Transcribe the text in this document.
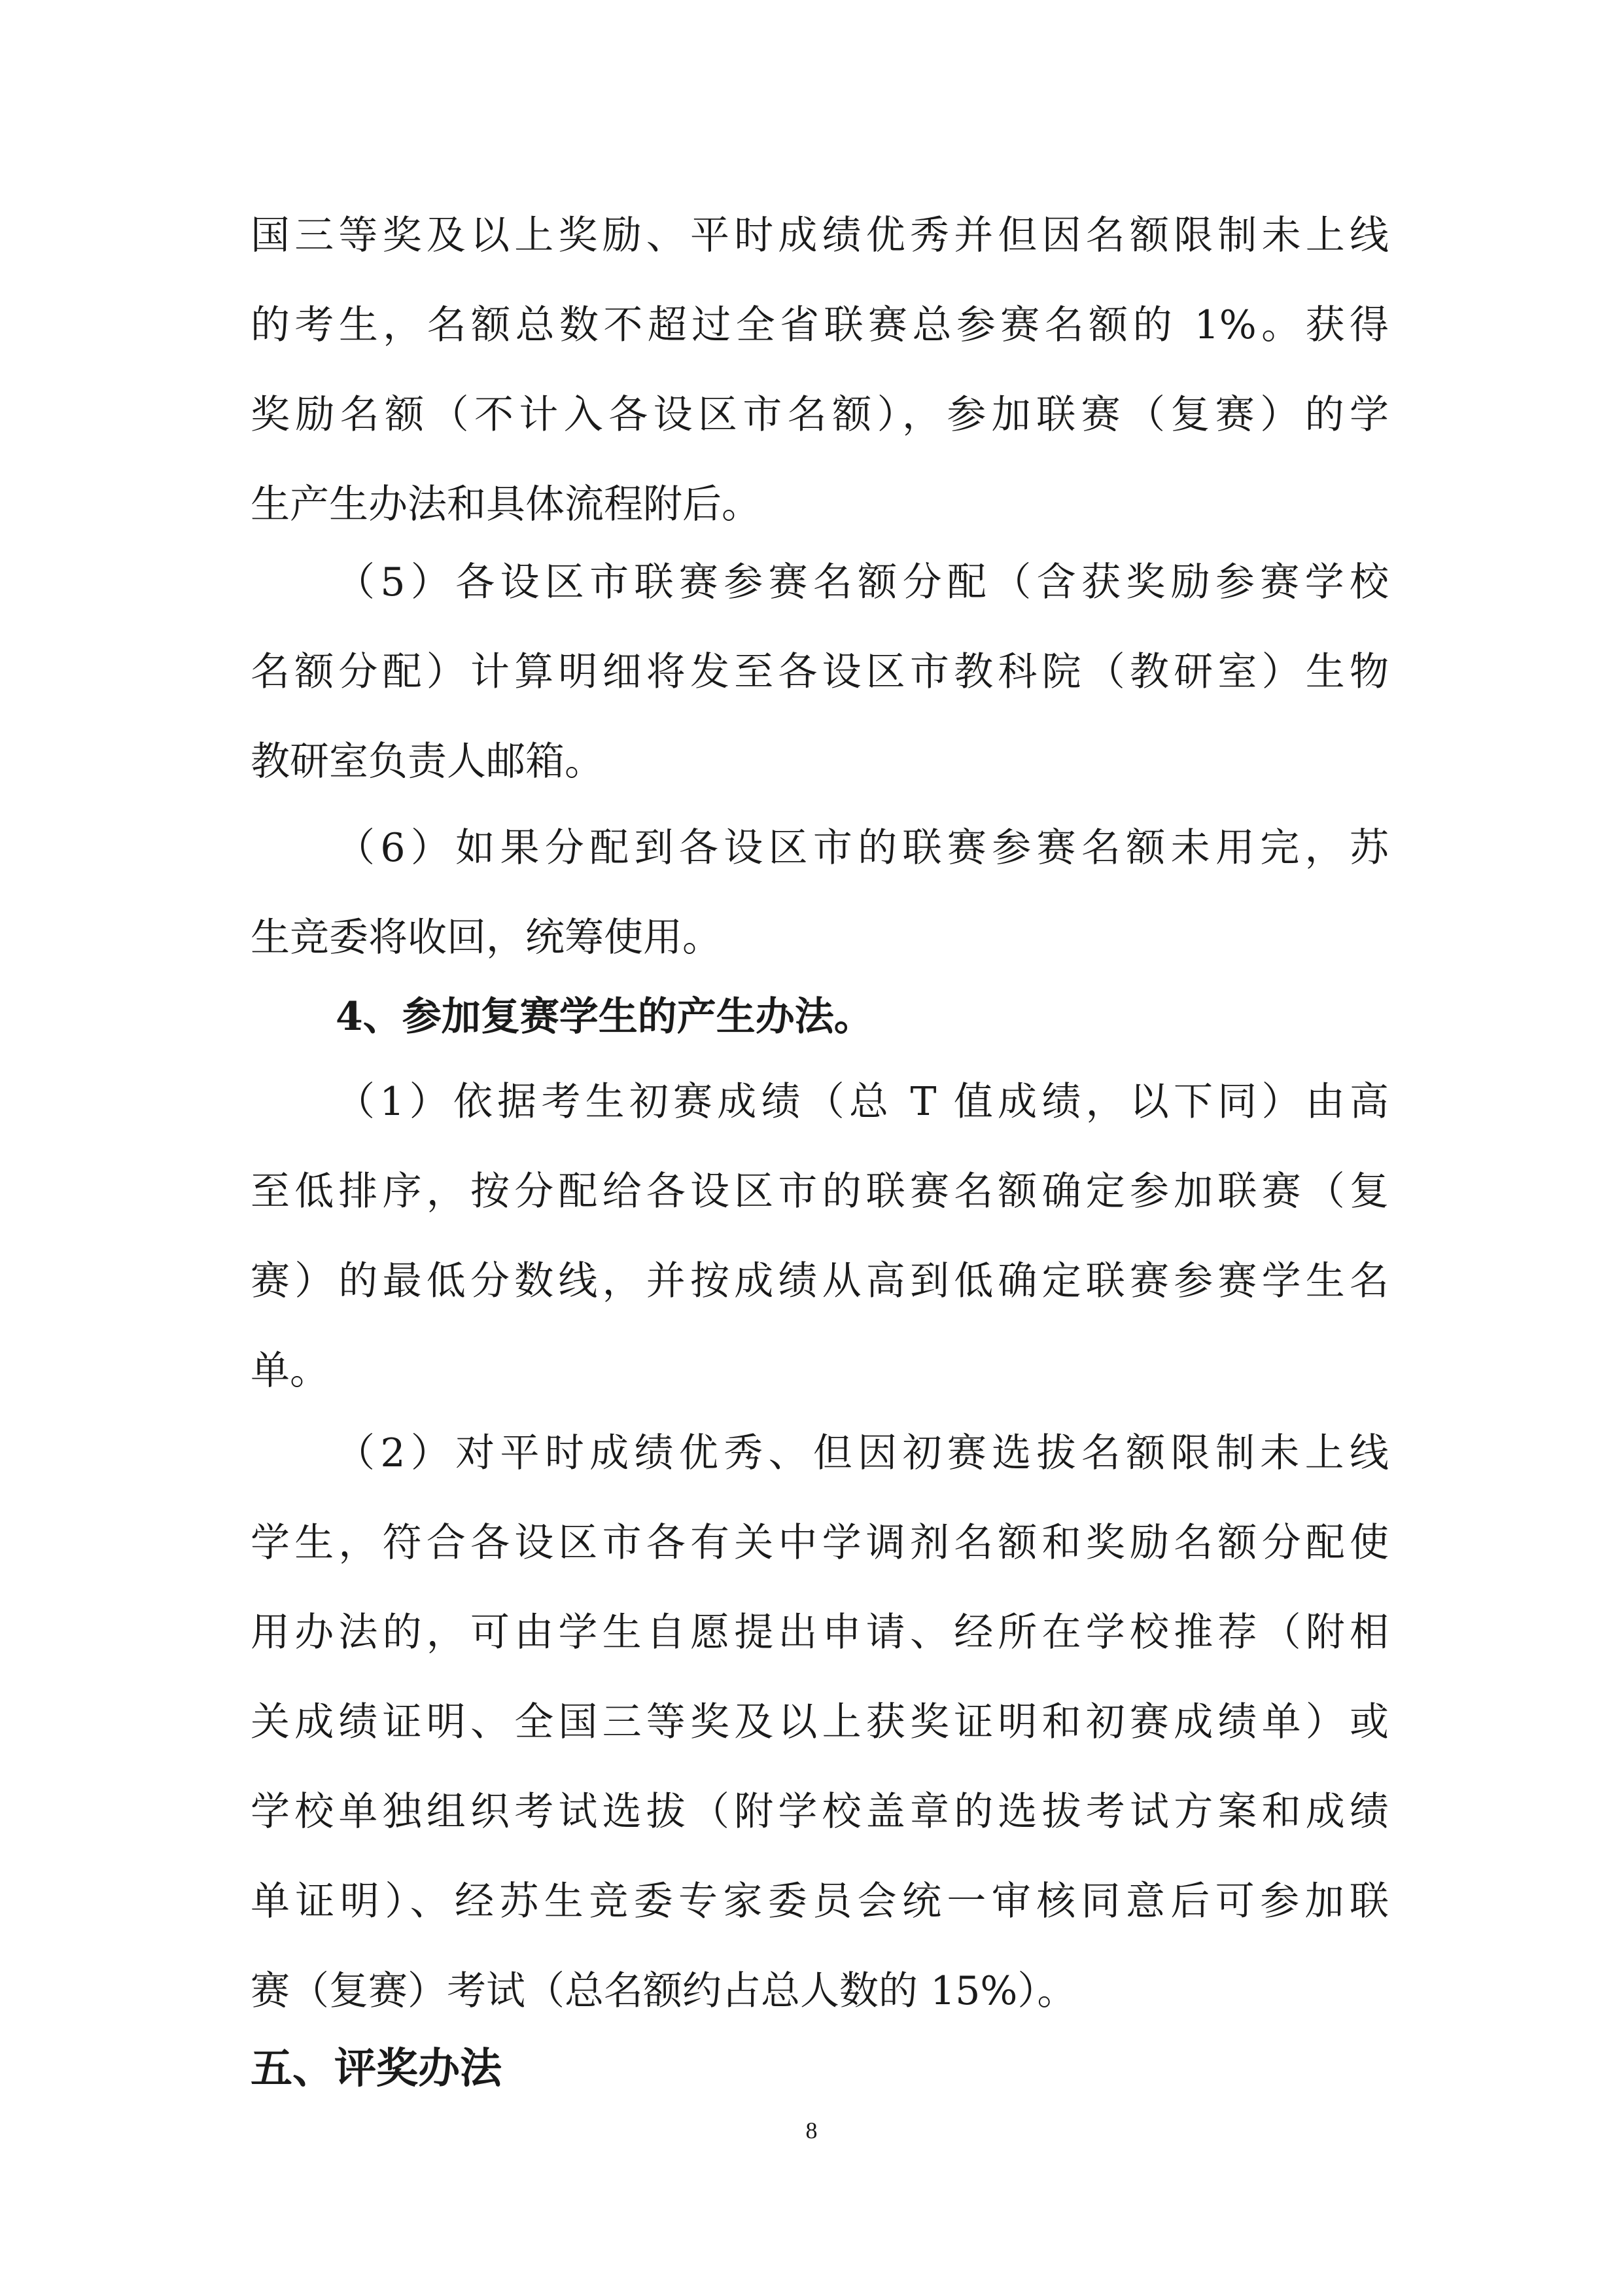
国三等奖及以上奖励、平时成绩优秀并但因名额限制未上线
的考生，名额总数不超过全省联赛总参赛名额的 1%。获得
奖励名额（不计入各设区市名额），参加联赛（复赛）的学
生产生办法和具体流程附后。
（5）各设区市联赛参赛名额分配（含获奖励参赛学校
名额分配）计算明细将发至各设区市教科院（教研室）生物
教研室负责人邮箱。
（6）如果分配到各设区市的联赛参赛名额未用完，苏
生竞委将收回，统筹使用。
4、参加复赛学生的产生办法。
（1）依据考生初赛成绩（总 T 值成绩，以下同）由高
至低排序，按分配给各设区市的联赛名额确定参加联赛（复
赛）的最低分数线，并按成绩从高到低确定联赛参赛学生名
单。
（2）对平时成绩优秀、但因初赛选拔名额限制未上线
学生，符合各设区市各有关中学调剂名额和奖励名额分配使
用办法的，可由学生自愿提出申请、经所在学校推荐（附相
关成绩证明、全国三等奖及以上获奖证明和初赛成绩单）或
学校单独组织考试选拔（附学校盖章的选拔考试方案和成绩
单证明）、经苏生竞委专家委员会统一审核同意后可参加联
赛（复赛）考试（总名额约占总人数的 15%）。
五、评奖办法
8
